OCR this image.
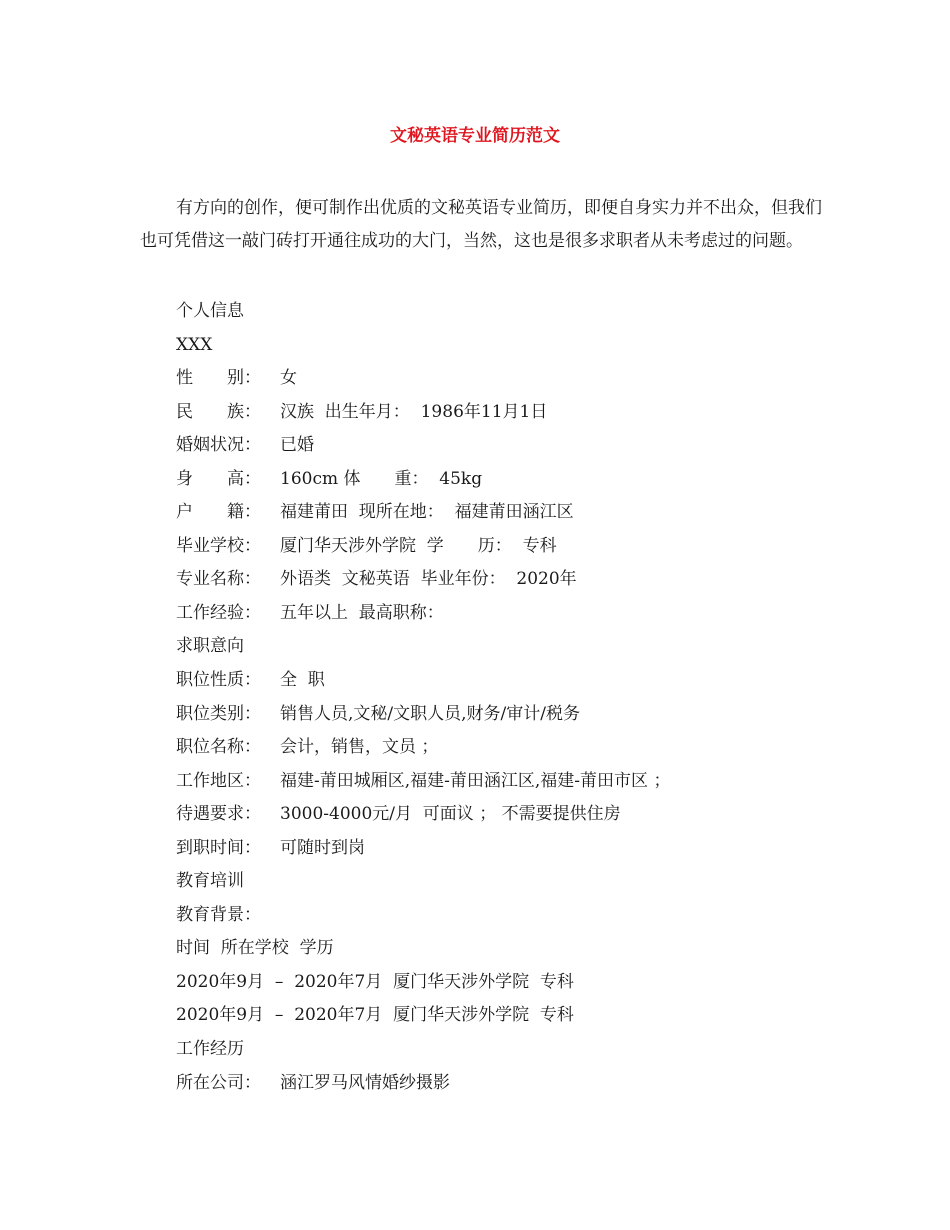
文秘英语专业简历范文
有方向的创作，便可制作出优质的文秘英语专业简历，即便自身实力并不出众，但我们也可凭借这一敲门砖打开通往成功的大门，当然，这也是很多求职者从未考虑过的问题。
个人信息
XXX
性　　别： 女
民　　族： 汉族  出生年月：  1986年11月1日
婚姻状况： 已婚
身　　高： 160cm 体　　重：  45kg
户　　籍： 福建莆田  现所在地：  福建莆田涵江区
毕业学校： 厦门华天涉外学院  学　　历：  专科
专业名称： 外语类  文秘英语  毕业年份：  2020年
工作经验： 五年以上  最高职称：
求职意向
职位性质： 全  职
职位类别： 销售人员,文秘/文职人员,财务/审计/税务
职位名称： 会计，销售，文员 ；
工作地区： 福建-莆田城厢区,福建-莆田涵江区,福建-莆田市区 ；
待遇要求： 3000-4000元/月  可面议 ； 不需要提供住房
到职时间： 可随时到岗
教育培训
教育背景：
时间  所在学校  学历
2020年9月  –  2020年7月  厦门华天涉外学院  专科
2020年9月  –  2020年7月  厦门华天涉外学院  专科
工作经历
所在公司： 涵江罗马风情婚纱摄影
